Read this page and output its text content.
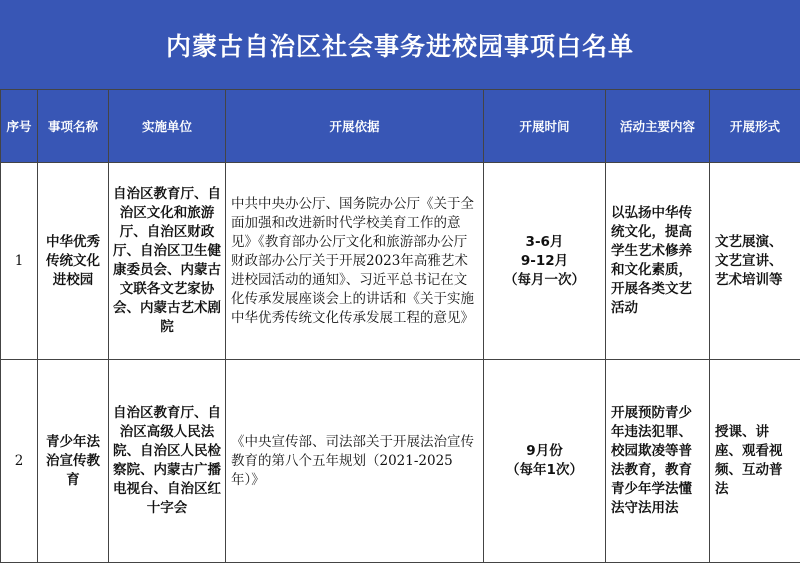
内蒙古自治区社会事务进校园事项白名单
序号	事项名称	实施单位	开展依据	开展时间	活动主要内容	开展形式
1	中华优秀传统文化进校园	自治区教育厅、自治区文化和旅游厅、自治区财政厅、自治区卫生健康委员会、内蒙古文联各文艺家协会、内蒙古艺术剧院	中共中央办公厅、国务院办公厅《关于全面加强和改进新时代学校美育工作的意见》《教育部办公厅文化和旅游部办公厅财政部办公厅关于开展2023年高雅艺术进校园活动的通知》、习近平总书记在文化传承发展座谈会上的讲话和《关于实施中华优秀传统文化传承发展工程的意见》	3-6月
9-12月
（每月一次）	以弘扬中华传统文化，提高学生艺术修养和文化素质，开展各类文艺活动	文艺展演、文艺宣讲、艺术培训等
2	青少年法治宣传教育	自治区教育厅、自治区高级人民法院、自治区人民检察院、内蒙古广播电视台、自治区红十字会	《中央宣传部、司法部关于开展法治宣传教育的第八个五年规划（2021-2025年）》	9月份
（每年1次）	开展预防青少年违法犯罪、校园欺凌等普法教育，教育青少年学法懂法守法用法	授课、讲座、观看视频、互动普法
